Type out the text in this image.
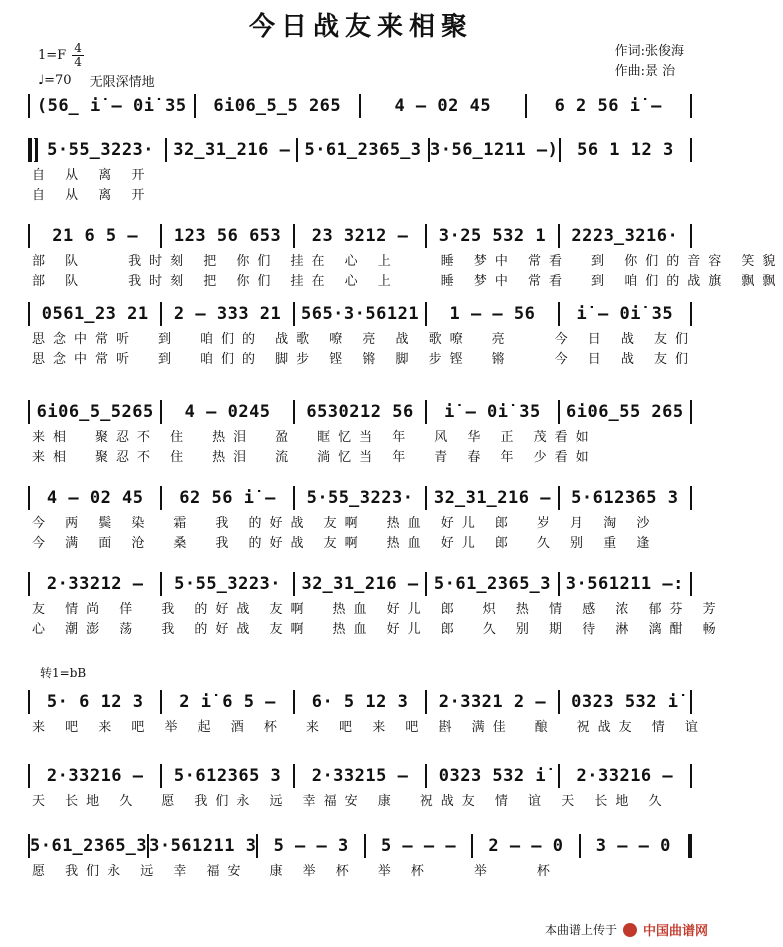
今日战友来相聚
1=F 4
4
♩=70 无限深情地
作词:张俊海
作曲:景 治
转1=bB
(56̲ i̇ – 0i̇ 35	6i06̲5̲5 265	4 – 02 45	6 2 56 i̇ –
5·55̲3223·	32̲31̲216 – 5·61̲2365̲3 3·56̲1211 –)	56 1 12 3
自 从 离 开
自 从 离 开
21 6 5 –	123 56 653	23 3212 –	3·25 532 1	2223̲3216·
部 队　　我时刻 把 你们 挂在 心 上　　睡 梦中 常看　到 你们的音容 笑貌
部 队　　我时刻 把 你们 挂在 心 上　　睡 梦中 常看　到 咱们的战旗 飘飘
0561̲23 21	2 – 333 21	565·3·56121	1 – – 56	i̇ – 0i̇ 35
思念中常听　到　咱们的 战歌 嘹 亮 战 歌嘹　亮　　今 日 战 友们
思念中常听　到　咱们的 脚步 铿 锵 脚 步铿　锵　　今 日 战 友们
6i06̲5̲5265	4 – 0245	6530212 56	i̇ – 0i̇ 35	6i06̲55 265
来相　聚忍不 住　热泪　盈　眶忆当 年　风 华 正 茂看如
来相　聚忍不 住　热泪　流　淌忆当 年　青 春 年 少看如
4 – 02 45	62 56 i̇ –	5·55̲3223·	32̲31̲216 –	5·612365 3
今 两 鬓 染　霜　我 的好战 友啊　热血 好儿 郎　岁 月 淘 沙
今 满 面 沧　桑　我 的好战 友啊　热血 好儿 郎　久 别 重 逢
2·33212 –	5·55̲3223·	32̲31̲216 – 5·61̲2365̲3 3·561211 –:
友 情尚 佯　我 的好战 友啊　热血 好儿 郎　炽 热 情 感 浓 郁芬 芳
心 潮澎 荡　我 的好战 友啊　热血 好儿 郎　久 别 期 待 淋 漓酣 畅
5· 6 12 3	2 i̇ 6 5 –	6· 5 12 3	2·3321 2 –	0323 532 i̇
来 吧 来 吧 举 起 酒 杯　来 吧 来 吧 斟 满佳　酿　祝战友 情 谊
2·33216 –	5·612365 3	2·33215 –	0323 532 i̇	2·33216 –
天 长地 久　愿 我们永 远 幸福安 康　祝战友 情 谊 天 长地 久
5·61̲2365̲3 3·561211 3	5 – – 3	5 – – –	2 – – 0	3 – – 0
愿 我们永 远 幸 福安　康 举 杯　举 杯　　举　　杯
本曲谱上传于 中国曲谱网
